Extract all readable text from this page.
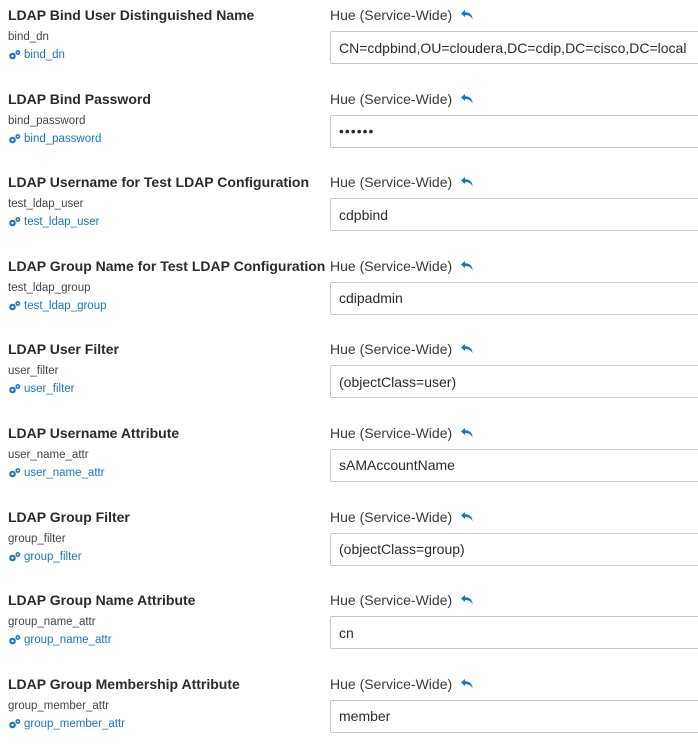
LDAP Bind User Distinguished Name
bind_dn
bind_dn
Hue (Service-Wide)
CN=cdpbind,OU=cloudera,DC=cdip,DC=cisco,DC=local
LDAP Bind Password
bind_password
bind_password
Hue (Service-Wide)
••••••
LDAP Username for Test LDAP Configuration
test_ldap_user
test_ldap_user
Hue (Service-Wide)
cdpbind
LDAP Group Name for Test LDAP Configuration
test_ldap_group
test_ldap_group
Hue (Service-Wide)
cdipadmin
LDAP User Filter
user_filter
user_filter
Hue (Service-Wide)
(objectClass=user)
LDAP Username Attribute
user_name_attr
user_name_attr
Hue (Service-Wide)
sAMAccountName
LDAP Group Filter
group_filter
group_filter
Hue (Service-Wide)
(objectClass=group)
LDAP Group Name Attribute
group_name_attr
group_name_attr
Hue (Service-Wide)
cn
LDAP Group Membership Attribute
group_member_attr
group_member_attr
Hue (Service-Wide)
member
